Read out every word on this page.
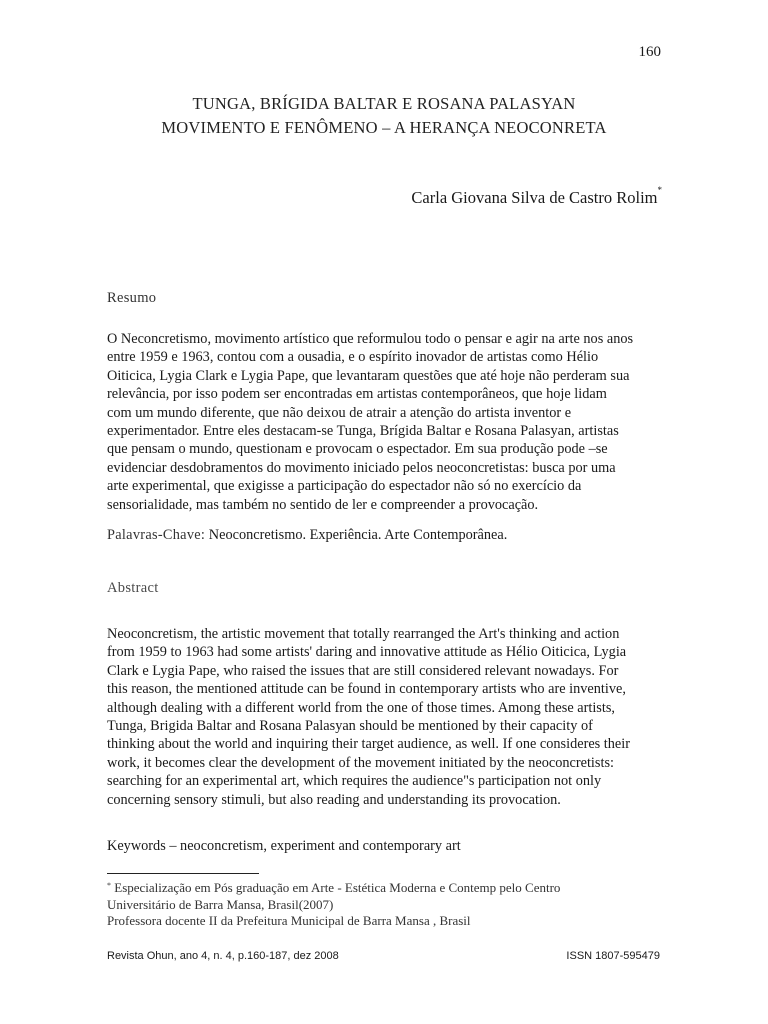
160
TUNGA, BRÍGIDA BALTAR E ROSANA PALASYAN
MOVIMENTO E FENÔMENO – A HERANÇA NEOCONRETA
Carla Giovana Silva de Castro Rolim*
Resumo
O Neconcretismo, movimento artístico que reformulou todo o pensar e agir na arte nos anos
entre 1959 e 1963, contou com a ousadia, e o espírito inovador de artistas como Hélio
Oiticica, Lygia Clark e Lygia Pape, que levantaram questões que até hoje não perderam sua
relevância, por isso podem ser encontradas em artistas contemporâneos, que hoje lidam
com um mundo diferente, que não deixou de atrair a atenção do artista inventor e
experimentador. Entre eles destacam-se Tunga, Brígida Baltar e Rosana Palasyan, artistas
que pensam o mundo, questionam e provocam o espectador. Em sua produção pode –se
evidenciar desdobramentos do movimento iniciado pelos neoconcretistas: busca por uma
arte experimental, que exigisse a participação do espectador não só no exercício da
sensorialidade, mas também no sentido de ler e compreender a provocação.
Palavras-Chave: Neoconcretismo. Experiência. Arte Contemporânea.
Abstract
Neoconcretism, the artistic movement that totally rearranged the Art's thinking and action
from 1959 to 1963 had some artists' daring and innovative attitude as Hélio Oiticica, Lygia
Clark e Lygia Pape, who raised the issues that are still considered relevant nowadays. For
this reason, the mentioned attitude can be found in contemporary artists who are inventive,
although dealing with a different world from the one of those times. Among these artists,
Tunga, Brigida Baltar and Rosana Palasyan should be mentioned by their capacity of
thinking about the world and inquiring their target audience, as well. If one consideres their
work, it becomes clear the development of the movement initiated by the neoconcretists:
searching for an experimental art, which requires the audience"s participation not only
concerning sensory stimuli, but also reading and understanding its provocation.
Keywords – neoconcretism, experiment and contemporary art
* Especialização em Pós graduação em Arte - Estética Moderna e Contemp pelo Centro
Universitário de Barra Mansa, Brasil(2007)
Professora docente II da Prefeitura Municipal de Barra Mansa , Brasil
Revista Ohun, ano 4, n. 4, p.160-187, dez 2008	ISSN 1807-595479
